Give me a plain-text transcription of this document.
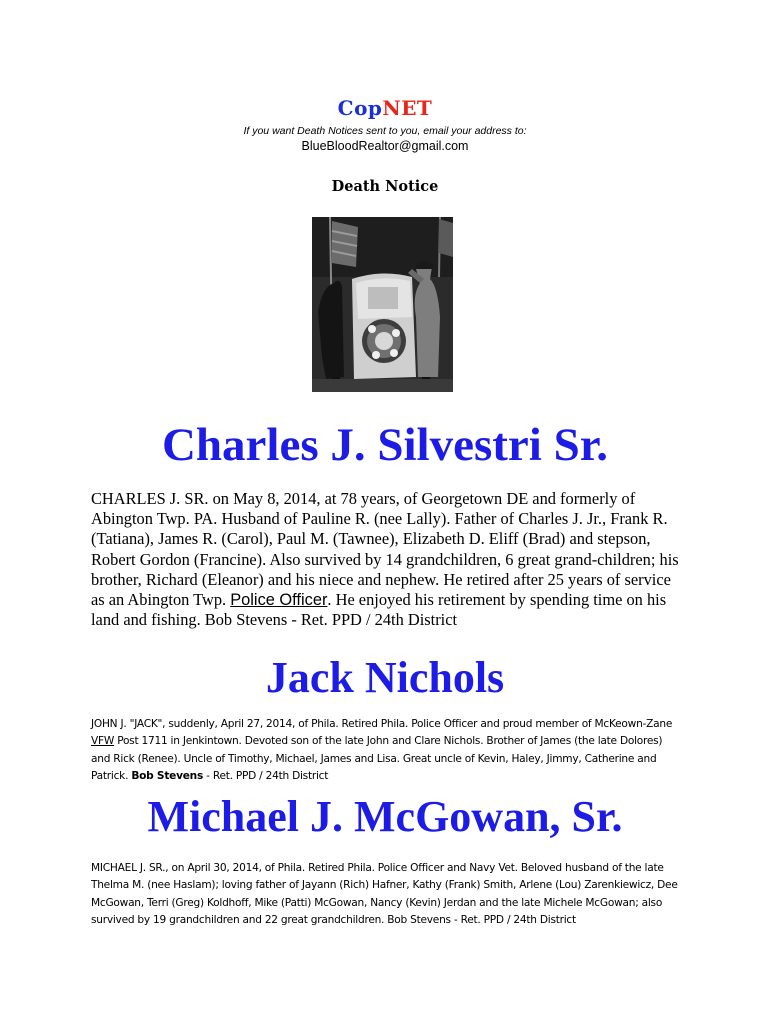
CopNET
If you want Death Notices sent to you, email your address to:
BlueBloodRealtor@gmail.com
Death Notice
Charles J. Silvestri Sr.
CHARLES J. SR. on May 8, 2014, at 78 years, of Georgetown DE and formerly of Abington Twp. PA. Husband of Pauline R. (nee Lally). Father of Charles J. Jr., Frank R. (Tatiana), James R. (Carol), Paul M. (Tawnee), Elizabeth D. Eliff (Brad) and stepson, Robert Gordon (Francine). Also survived by 14 grandchildren, 6 great grand-children; his brother, Richard (Eleanor) and his niece and nephew. He retired after 25 years of service as an Abington Twp. Police Officer. He enjoyed his retirement by spending time on his land and fishing. Bob Stevens - Ret. PPD / 24th District
Jack Nichols
JOHN J. "JACK", suddenly, April 27, 2014, of Phila. Retired Phila. Police Officer and proud member of McKeown-Zane VFW Post 1711 in Jenkintown. Devoted son of the late John and Clare Nichols. Brother of James (the late Dolores) and Rick (Renee). Uncle of Timothy, Michael, James and Lisa. Great uncle of Kevin, Haley, Jimmy, Catherine and Patrick. Bob Stevens - Ret. PPD / 24th District
Michael J. McGowan, Sr.
MICHAEL J. SR., on April 30, 2014, of Phila. Retired Phila. Police Officer and Navy Vet. Beloved husband of the late Thelma M. (nee Haslam); loving father of Jayann (Rich) Hafner, Kathy (Frank) Smith, Arlene (Lou) Zarenkiewicz, Dee McGowan, Terri (Greg) Koldhoff, Mike (Patti) McGowan, Nancy (Kevin) Jerdan and the late Michele McGowan; also survived by 19 grandchildren and 22 great grandchildren. Bob Stevens - Ret. PPD / 24th District
